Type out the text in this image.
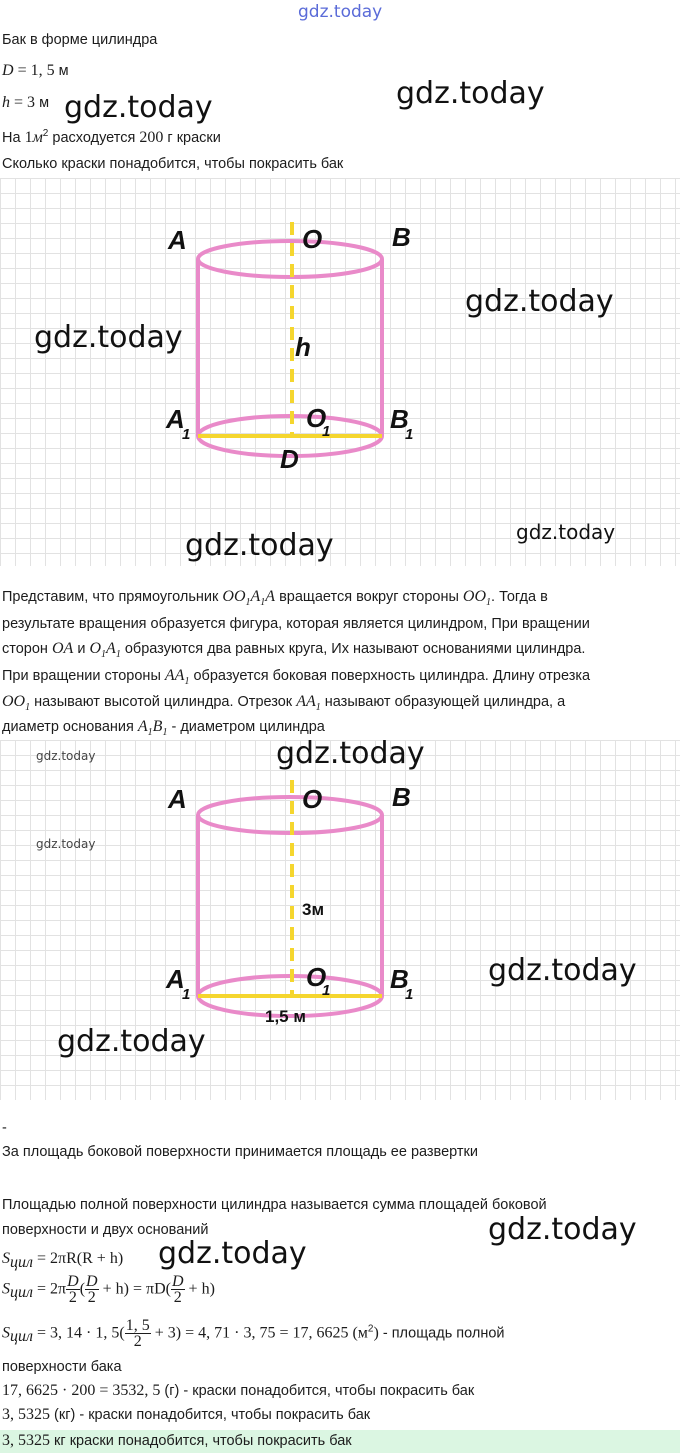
gdz.today
Бак в форме цилиндра
D = 1, 5 м
h = 3 м
На $1м^2$ расходуется 200 г краски
Сколько краски понадобится, чтобы покрасить бак
A	O	B
h
A
1
O
1 B
1
D
Представим, что прямоугольник $OO_1A_1A$ вращается вокруг стороны $OO_1$. Тогда в
результате вращения образуется фигура, которая является цилиндром, При вращении
сторон OA и $O_1A_1$ образуются два равных круга, Их называют основаниями цилиндра.
При вращении стороны $AA_1$ образуется боковая поверхность цилиндра. Длину отрезка
$OO_1$ называют высотой цилиндра. Отрезок $AA_1$ называют образующей цилиндра, а
диаметр основания $A_1B_1$ - диаметром цилиндра
A	O	B
3м
A
1
O
1 B
1
1,5 м
-
За площадь боковой поверхности принимается площадь ее развертки
Площадью полной поверхности цилиндра называется сумма площадей боковой
поверхности и двух оснований
$S_{цил} = 2\pi R(R + h)$
$S_{цил} = 2\pi \frac{D}{2}$ ( $\frac{D}{2} + h) = \pi D( \frac{D}{2} + h)$
$S_{цил} = 3$, 14 · 1, $5( \frac{1, 5}{2} + 3) = 4$, 71 · 3, 75 = 17, 6625 $(м^2)$ - площадь полной
поверхности бака
17, 6625 · 200 = 3532, 5 (г) - краски понадобится, чтобы покрасить бак
3, 5325 (кг) - краски понадобится, чтобы покрасить бак
3, 5325 кг краски понадобится, чтобы покрасить бак
gdz.today	gdz.today
gdz.today
gdz.today
gdz.today	gdz.today
gdz.today	gdz.today
gdz.today
gdz.today
gdz.today
gdz.today
gdz.today
